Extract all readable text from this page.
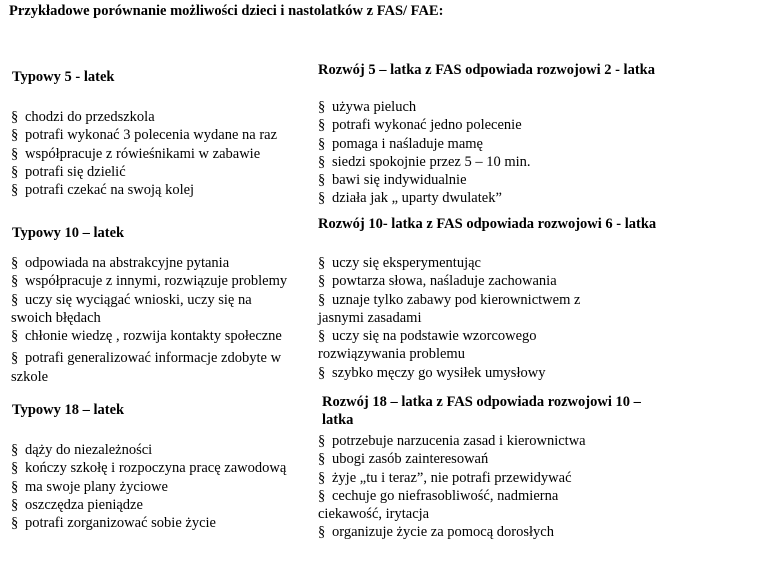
Przykładowe porównanie możliwości dzieci i nastolatków z FAS/ FAE:
Typowy 5 - latek	Rozwój 5 – latka z FAS odpowiada rozwojowi 2 - latka
§ chodzi do przedszkola
§ potrafi wykonać 3 polecenia wydane na raz
§ współpracuje z rówieśnikami w zabawie
§ potrafi się dzielić
§ potrafi czekać na swoją kolej
§ używa pieluch
§ potrafi wykonać jedno polecenie
§ pomaga i naśladuje mamę
§ siedzi spokojnie przez 5 – 10 min.
§ bawi się indywidualnie
§ działa jak „ uparty dwulatek”
Typowy 10 – latek
Rozwój 10- latka z FAS odpowiada rozwojowi 6 - latka
§ odpowiada na abstrakcyjne pytania
§ współpracuje z innymi, rozwiązuje problemy
§ uczy się wyciągać wnioski, uczy się na swoich błędach
§ chłonie wiedzę , rozwija kontakty społeczne
§ potrafi generalizować informacje zdobyte w szkole
§ uczy się eksperymentując
§ powtarza słowa, naśladuje zachowania
§ uznaje tylko zabawy pod kierownictwem z jasnymi zasadami
§ uczy się na podstawie wzorcowego rozwiązywania problemu
§ szybko męczy go wysiłek umysłowy
Typowy 18 – latek	Rozwój 18 – latka z FAS odpowiada rozwojowi 10 – latka
§ dąży do niezależności
§ kończy szkołę i rozpoczyna pracę zawodową
§ ma swoje plany życiowe
§ oszczędza pieniądze
§ potrafi zorganizować sobie życie
§ potrzebuje narzucenia zasad i kierownictwa
§ ubogi zasób zainteresowań
§ żyje „tu i teraz”, nie potrafi przewidywać
§ cechuje go niefrasobliwość, nadmierna ciekawość, irytacja
§ organizuje życie za pomocą dorosłych
